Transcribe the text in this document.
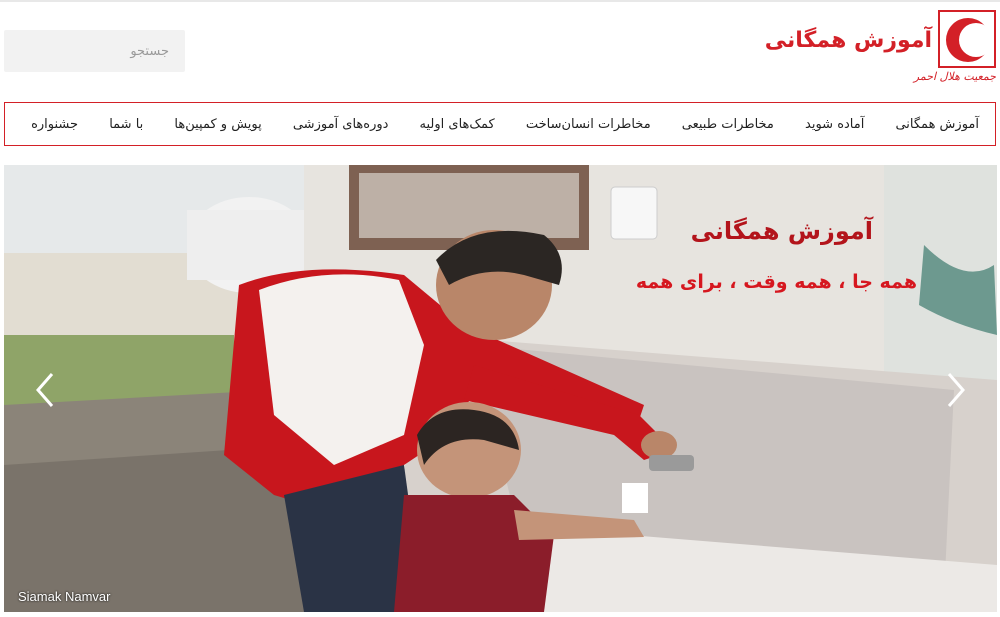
آموزش همگانی
جمعیت هلال احمر
جستجو
آموزش همگانی
آماده شوید
مخاطرات طبیعی
مخاطرات انسان‌ساخت
کمک‌های اولیه
دوره‌های آموزشی
پویش و کمپین‌ها
با شما
جشنواره
آموزش همگانی
همه جا ، همه وقت ، برای همه
Siamak Namvar
